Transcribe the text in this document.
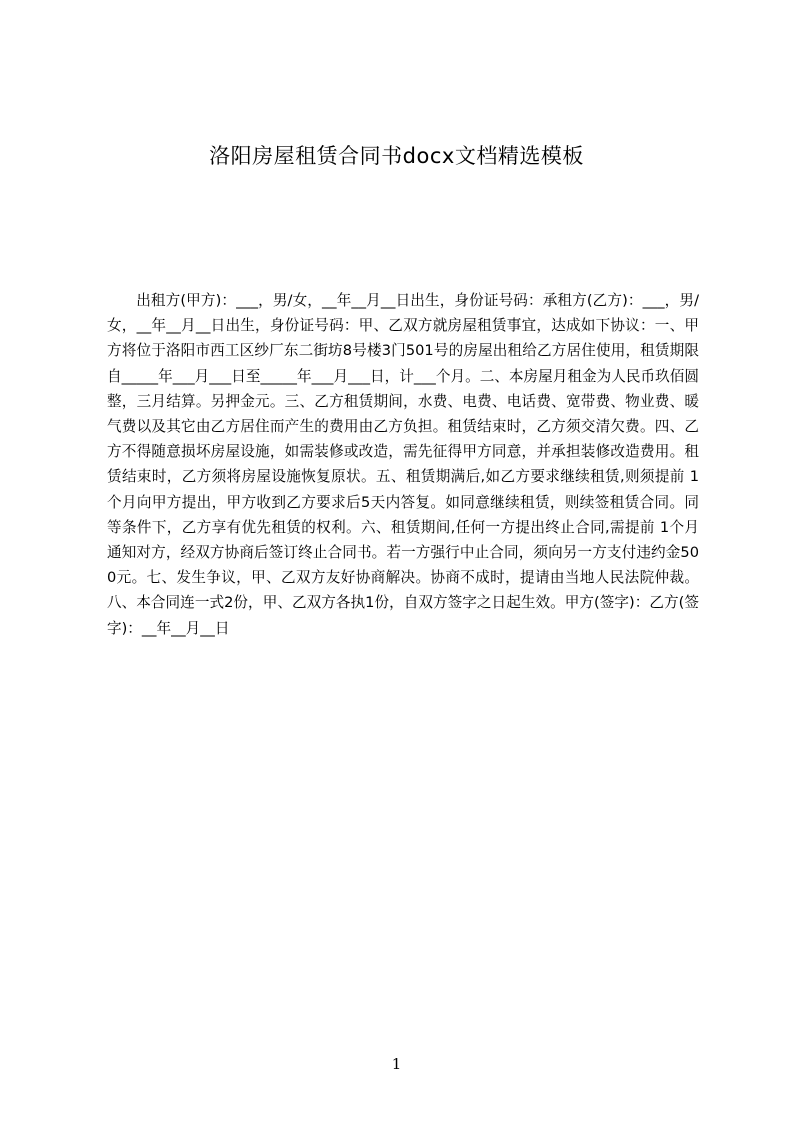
洛阳房屋租赁合同书docx文档精选模板

出租方(甲方)：___，男/女，__年__月__日出生，身份证号码：承租方(乙方)：___，男/女，__年__月__日出生，身份证号码：甲、乙双方就房屋租赁事宜，达成如下协议：一、甲方将位于洛阳市西工区纱厂东二街坊8号楼3门501号的房屋出租给乙方居住使用，租赁期限自_____年___月___日至_____年___月___日，计___个月。二、本房屋月租金为人民币玖佰圆整，三月结算。另押金元。三、乙方租赁期间，水费、电费、电话费、宽带费、物业费、暖气费以及其它由乙方居住而产生的费用由乙方负担。租赁结束时，乙方须交清欠费。四、乙方不得随意损坏房屋设施，如需装修或改造，需先征得甲方同意，并承担装修改造费用。租赁结束时，乙方须将房屋设施恢复原状。五、租赁期满后,如乙方要求继续租赁,则须提前 1个月向甲方提出，甲方收到乙方要求后5天内答复。如同意继续租赁，则续签租赁合同。同等条件下，乙方享有优先租赁的权利。六、租赁期间,任何一方提出终止合同,需提前 1个月通知对方，经双方协商后签订终止合同书。若一方强行中止合同，须向另一方支付违约金500元。七、发生争议，甲、乙双方友好协商解决。协商不成时，提请由当地人民法院仲裁。八、本合同连一式2份，甲、乙双方各执1份，自双方签字之日起生效。甲方(签字)：乙方(签字)：__年__月__日

1
